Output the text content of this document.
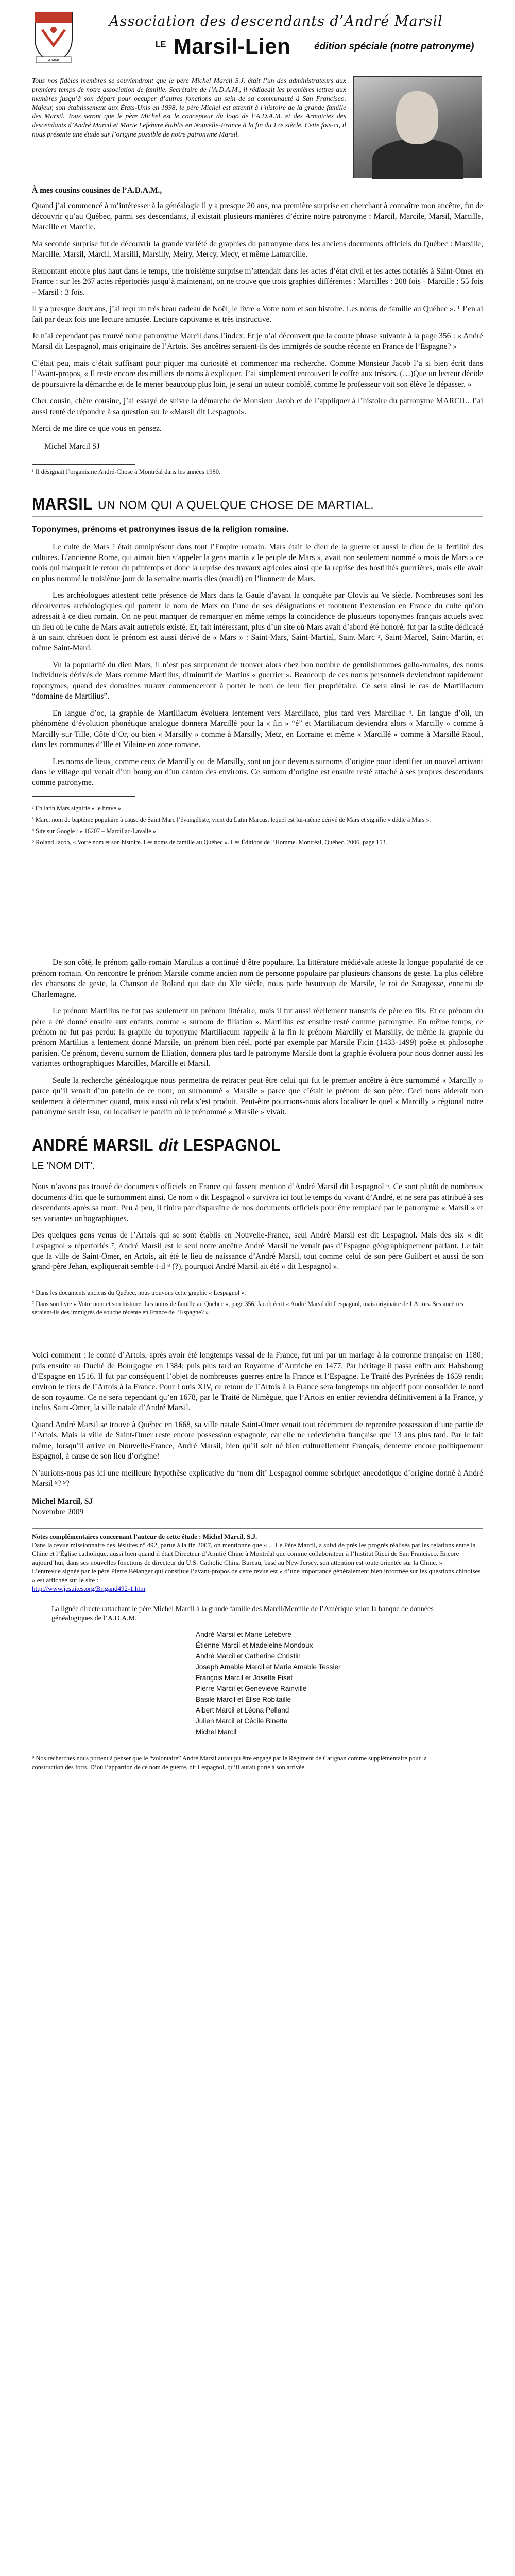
SOMME
Association des descendants d’André Marsil
LE Marsil-Lien édition spéciale (notre patronyme)
Tous nos fidèles membres se souviendront que le père Michel Marcil S.J. était l’un des administrateurs aux premiers temps de notre association de famille. Secrétaire de l’A.D.A.M., il rédigeait les premières lettres aux membres jusqu’à son départ pour occuper d’autres fonctions au sein de sa communauté à San Francisco. Majeur, son établissement aux États-Unis en 1998, le père Michel est attentif à l’histoire de la grande famille des Marsil. Tous seront que le père Michel est le concepteur du logo de l’A.D.A.M. et des Armoiries des descendants d’André Marcil et Marie Lefebvre établis en Nouvelle-France à la fin du 17e siècle. Cette fois-ci, il nous présente une étude sur l’origine possible de notre patronyme Marsil.
À mes cousins cousines de l’A.D.A.M.,

Quand j’ai commencé à m’intéresser à la généalogie il y a presque 20 ans, ma première surprise en cherchant à connaître mon ancêtre, fut de découvrir qu’au Québec, parmi ses descendants, il existait plusieurs manières d’écrire notre patronyme : Marcil, Marcile, Marsil, Marcille, Marcille et Marcile.

Ma seconde surprise fut de découvrir la grande variété de graphies du patronyme dans les anciens documents officiels du Québec : Marsille, Marcille, Marsil, Marcil, Marsilli, Marsilly, Meiry, Mercy, Mecy, et même Lamarcille.

Remontant encore plus haut dans le temps, une troisième surprise m’attendait dans les actes d’état civil et les actes notariés à Saint-Omer en France : sur les 267 actes répertoriés jusqu’à maintenant, on ne trouve que trois graphies différentes : Marcilles : 208 fois - Marcille : 55 fois – Marsil : 3 fois.

Il y a presque deux ans, j’ai reçu un très beau cadeau de Noël, le livre « Votre nom et son histoire. Les noms de famille au Québec ». ¹ J’en ai fait par deux fois une lecture amusée. Lecture captivante et très instructive.

Je n’ai cependant pas trouvé notre patronyme Marcil dans l’index. Et je n’ai découvert que la courte phrase suivante à la page 356 : « André Marsil dit Lespagnol, mais originaire de l’Artois. Ses ancêtres seraient-ils des immigrés de souche récente en France de l’Espagne? »

C’était peu, mais c’était suffisant pour piquer ma curiosité et commencer ma recherche. Comme Monsieur Jacob l’a si bien écrit dans l’Avant-propos, « Il reste encore des milliers de noms à expliquer. J’ai simplement entrouvert le coffre aux trésors. (…)Que un lecteur décide de poursuivre la démarche et de le mener beaucoup plus loin, je serai un auteur comblé, comme le professeur voit son élève le dépasser. »

Cher cousin, chère cousine, j’ai essayé de suivre la démarche de Monsieur Jacob et de l’appliquer à l’histoire du patronyme MARCIL. J’ai aussi tenté de répondre à sa question sur le «Marsil dit Lespagnol».

Merci de me dire ce que vous en pensez.

Michel Marcil SJ
¹ Il désignait l’organisme André-Chose à Montréal dans les années 1980.
MARSIL UN NOM QUI A QUELQUE CHOSE DE MARTIAL.
Toponymes, prénoms et patronymes issus de la religion romaine.

Le culte de Mars ² était omniprésent dans tout l’Empire romain. Mars était le dieu de la guerre et aussi le dieu de la fertilité des cultures. L’ancienne Rome, qui aimait bien s’appeler la gens martia « le peuple de Mars », avait non seulement nommé « mois de Mars » ce mois qui marquait le retour du printemps et donc la reprise des travaux agricoles ainsi que la reprise des hostilités guerrières, mais elle avait en plus nommé le troisième jour de la semaine martis dies (mardi) en l’honneur de Mars.

Les archéologues attestent cette présence de Mars dans la Gaule d’avant la conquête par Clovis au Ve siècle. Nombreuses sont les découvertes archéologiques qui portent le nom de Mars ou l’une de ses désignations et montrent l’extension en France du culte qu’on adressait à ce dieu romain. On ne peut manquer de remarquer en même temps la coïncidence de plusieurs toponymes français actuels avec un lieu où le culte de Mars avait autrefois existé. Et, fait intéressant, plus d’un site où Mars avait d’abord été honoré, fut par la suite dédicacé à un saint chrétien dont le prénom est aussi dérivé de « Mars » : Saint-Mars, Saint-Martial, Saint-Marc ³, Saint-Marcel, Saint-Martin, et même Saint-Mard.

Vu la popularité du dieu Mars, il n’est pas surprenant de trouver alors chez bon nombre de gentilshommes gallo-romains, des noms individuels dérivés de Mars comme Martilius, diminutif de Martius « guerrier ». Beaucoup de ces noms personnels deviendront rapidement toponymes, quand des domaines ruraux commenceront à porter le nom de leur fier propriétaire. Ce sera ainsi le cas de Martiliacum “domaine de Martilius”.

En langue d’oc, la graphie de Martiliacum évoluera lentement vers Marcillaco, plus tard vers Marcillac ⁴. En langue d’oïl, un phénomène d’évolution phonétique analogue donnera Marcillé pour la « fin » “é” et Martiliacum deviendra alors « Marcilly » comme à Marcilly-sur-Tille, Côte d’Or, ou bien « Marsilly » comme à Marsilly, Metz, en Lorraine et même « Marcillé » comme à Marsillé-Raoul, dans les communes d’Ille et Vilaine en zone romane.

Les noms de lieux, comme ceux de Marcilly ou de Marsilly, sont un jour devenus surnoms d’origine pour identifier un nouvel arrivant dans le village qui venait d’un bourg ou d’un canton des environs. Ce surnom d’origine est ensuite resté attaché à ses propres descendants comme patronyme.

² En latin Mars signifie « le brave ».
³ Marc, nom de baptême populaire à cause de Saint Marc l’évangéliste, vient du Latin Marcus, lequel est lui-même dérivé de Mars et signifie « dédié à Mars ».
⁴ Site sur Google : « 16207 – Marcillac-Lavalle ».
⁵ Roland Jacob, « Votre nom et son histoire. Les noms de famille au Québec ». Les Éditions de l’Homme. Montréal, Québec, 2006, page 153.

De son côté, le prénom gallo-romain Martilius a continué d’être populaire. La littérature médiévale atteste la longue popularité de ce prénom romain. On rencontre le prénom Marsile comme ancien nom de personne populaire par plusieurs chansons de geste. La plus célèbre des chansons de geste, la Chanson de Roland qui date du XIe siècle, nous parle beaucoup de Marsile, le roi de Saragosse, ennemi de Charlemagne.

Le prénom Martilius ne fut pas seulement un prénom littéraire, mais il fut aussi réellement transmis de père en fils. Et ce prénom du père a été donné ensuite aux enfants comme « surnom de filiation ». Martilius est ensuite resté comme patronyme. En même temps, ce prénom ne fut pas perdu: la graphie du toponyme Martiliacum rappelle à la fin le prénom Marcilly et Marsilly, de même la graphie du prénom Martilius a lentement donné Marsile, un prénom bien réel, porté par exemple par Marsile Ficin (1433-1499) poète et philosophe parisien. Ce prénom, devenu surnom de filiation, donnera plus tard le patronyme Marsile dont la graphie évoluera pour nous donner aussi les variantes orthographiques Marcilles, Marcille et Marsil.

Seule la recherche généalogique nous permettra de retracer peut-être celui qui fut le premier ancêtre à être surnommé « Marcilly » parce qu’il venait d’un patelin de ce nom, ou surnommé « Marsile » parce que c’était le prénom de son père. Ceci nous aiderait non seulement à déterminer quand, mais aussi où cela s’est produit. Peut-être pourrions-nous alors localiser le quel « Marcilly » régional notre patronyme serait issu, ou localiser le patelin où le prénommé « Marsile » vivait.

ANDRÉ MARSIL dit LESPAGNOL
LE ‘NOM DIT’.

Nous n’avons pas trouvé de documents officiels en France qui fassent mention d’André Marsil dit Lespagnol ⁶. Ce sont plutôt de nombreux documents d’ici que le surnomment ainsi. Ce nom « dit Lespagnol » survivra ici tout le temps du vivant d’André, et ne sera pas attribué à ses descendants après sa mort. Peu à peu, il finira par disparaître de nos documents officiels pour être remplacé par le patronyme « Marsil » et ses variantes orthographiques.

Des quelques gens venus de l’Artois qui se sont établis en Nouvelle-France, seul André Marsil est dit Lespagnol. Mais des six « dit Lespagnol » répertoriés ⁷, André Marsil est le seul notre ancêtre André Marsil ne venait pas d’Espagne géographiquement parlant. Le fait que la ville de Saint-Omer, en Artois, ait été le lieu de naissance d’André Marsil, tout comme celui de son père Guilbert et aussi de son grand-père Jehan, expliquerait semble-t-il ⁸ (?), pourquoi André Marsil ait été « dit Lespagnol ».

⁶ Dans les documents anciens du Québec, nous trouvons cette graphie « Lespagnol ».
⁷ Dans son livre « Votre nom et son histoire. Les noms de famille au Québec », page 356, Jacob écrit « André Marsil dit Lespagnol, mais originaire de l’Artois. Ses ancêtres seraient-ils des immigrés de souche récente en France de l’Espagne? »

Voici comment : le comté d’Artois, après avoir été longtemps vassal de la France, fut uni par un mariage à la couronne française en 1180; puis ensuite au Duché de Bourgogne en 1384; puis plus tard au Royaume d’Autriche en 1477. Par héritage il passa enfin aux Habsbourg d’Espagne en 1516. Il fut par conséquent l’objet de nombreuses guerres entre la France et l’Espagne. Le Traité des Pyrénées de 1659 rendit environ le tiers de l’Artois à la France. Pour Louis XIV, ce retour de l’Artois à la France sera longtemps un objectif pour consolider le nord de son royaume. Ce ne sera cependant qu’en 1678, par le Traité de Nimègue, que l’Artois en entier reviendra définitivement à la France, y inclus Saint-Omer, la ville natale d’André Marsil.

Quand André Marsil se trouve à Québec en 1668, sa ville natale Saint-Omer venait tout récemment de reprendre possession d’une partie de l’Artois. Mais la ville de Saint-Omer reste encore possession espagnole, car elle ne redeviendra française que 13 ans plus tard. Par le fait même, lorsqu’il arrive en Nouvelle-France, André Marsil, bien qu’il soit né bien culturellement Français, demeure encore politiquement Espagnol, à cause de son lieu d’origine!

N’aurions-nous pas ici une meilleure hypothèse explicative du ‘nom dit’ Lespagnol comme sobriquet anecdotique d’origine donné à André Marsil ⁹? ⁹?

Michel Marcil, SJ
Novembre 2009
Notes complémentaires concernant l’auteur de cette étude : Michel Marcil, S.J.
Dans la revue missionnaire des Jésuites n° 492, parue à la fin 2007, on mentionne que « …Le Père Marcil, a suivi de près les progrès réalisés par les relations entre la Chine et l’Église catholique, aussi bien quand il était Directeur d’Amitié Chine à Montréal que comme collaborateur à l’Institut Ricci de San Francisco. Encore aujourd’hui, dans ses nouvelles fonctions de directeur du U.S. Catholic China Bureau, basé au New Jersey, son attention est toute orientée sur la Chine. »
L’entrevue signée par le père Pierre Bélanger qui constitue l’avant-propos de cette revue est « d’une importance généralement bien informée sur les questions chinoises » est affichée sur le site :
http://www.jesuites.org/Brigand492-1.htm
La lignée directe rattachant le père Michel Marcil à la grande famille des Marcil/Mercille de l’Amérique selon la banque de données généalogiques de l’A.D.A.M.
André Marsil et Marie Lefebvre
Étienne Marcil et Madeleine Mondoux
André Marcil et Catherine Christin
Joseph Amable Marcil et Marie Amable Tessier
François Marcil et Josette Fiset
Pierre Marcil et Geneviève Rainville
Basile Marcil et Élise Robitaille
Albert Marcil et Léona Pelland
Julien Marcil et Cécile Binette
Michel Marcil
⁹ Nos recherches nous portent à penser que le “volontaire” André Marsil aurait pu être engagé par le Régiment de Carignan comme supplémentaire pour la construction des forts. D’où l’appartion de ce nom de guerre, dit Lespagnol, qu’il aurait porté à son arrivée.
